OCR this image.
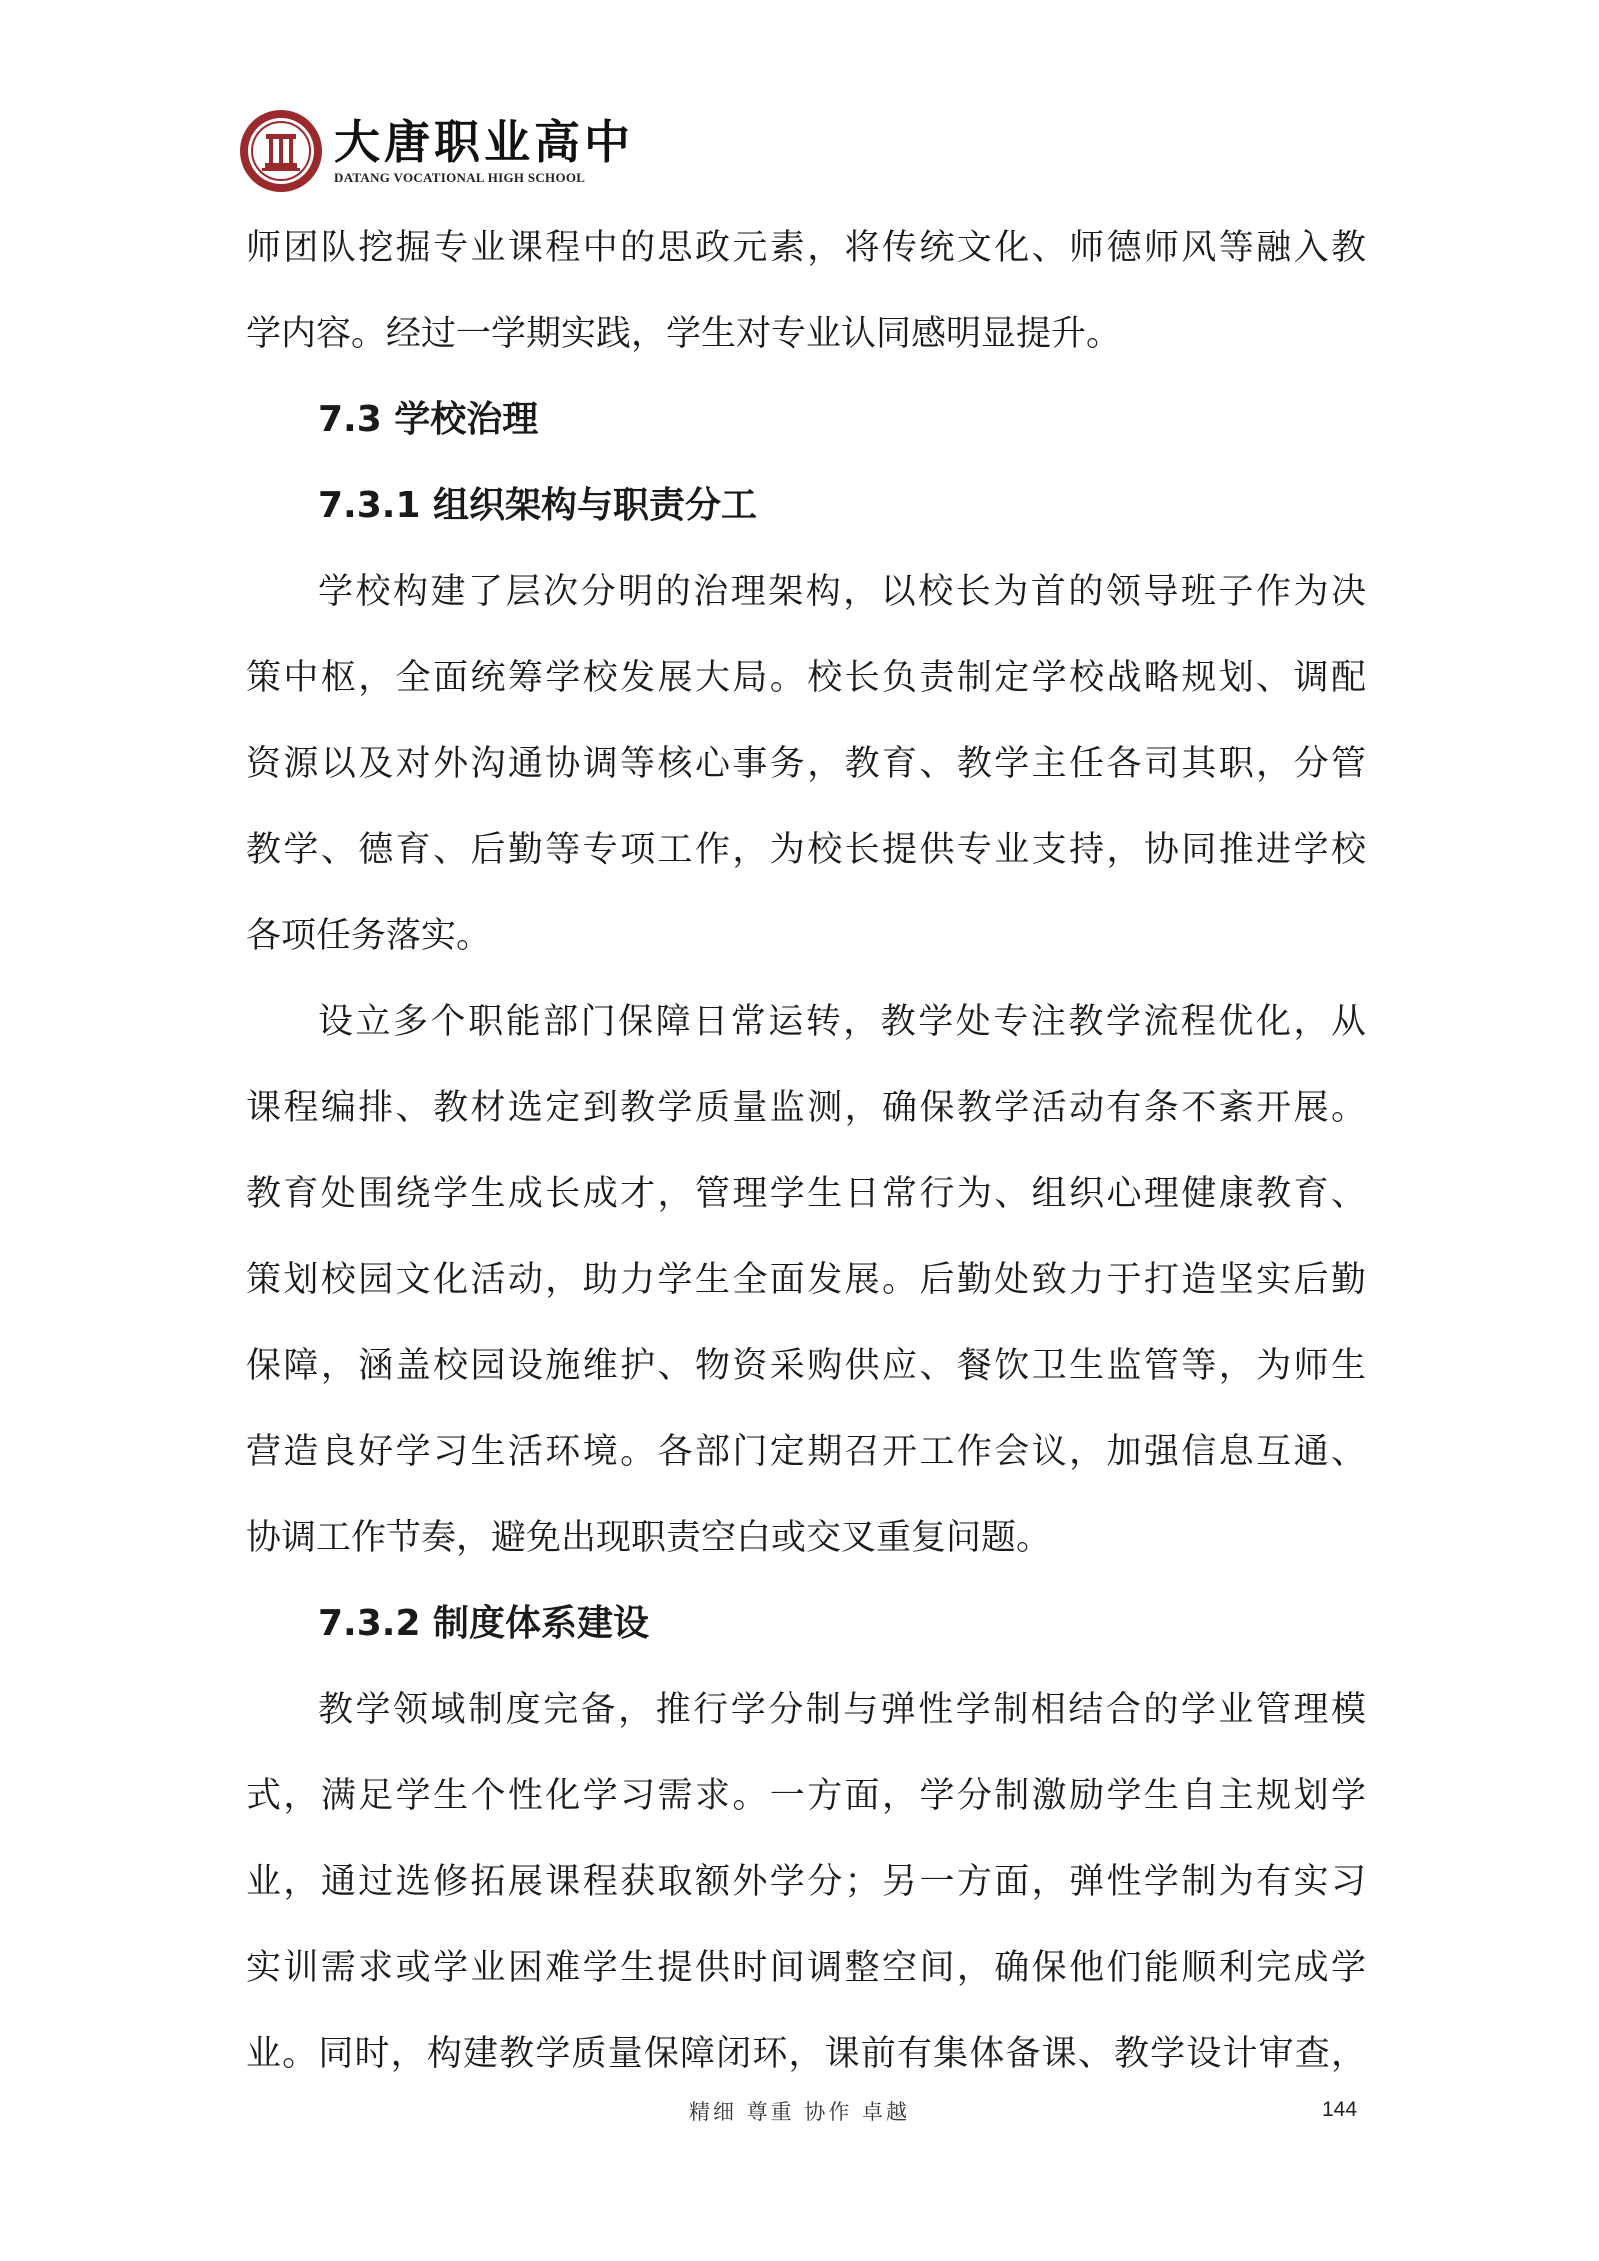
大唐职业高中
DATANG VOCATIONAL HIGH SCHOOL
师团队挖掘专业课程中的思政元素，将传统文化、师德师风等融入教
学内容。经过一学期实践，学生对专业认同感明显提升。
7.3 学校治理
7.3.1 组织架构与职责分工
学校构建了层次分明的治理架构，以校长为首的领导班子作为决
策中枢，全面统筹学校发展大局。校长负责制定学校战略规划、调配
资源以及对外沟通协调等核心事务，教育、教学主任各司其职，分管
教学、德育、后勤等专项工作，为校长提供专业支持，协同推进学校
各项任务落实。
设立多个职能部门保障日常运转，教学处专注教学流程优化，从
课程编排、教材选定到教学质量监测，确保教学活动有条不紊开展。
教育处围绕学生成长成才，管理学生日常行为、组织心理健康教育、
策划校园文化活动，助力学生全面发展。后勤处致力于打造坚实后勤
保障，涵盖校园设施维护、物资采购供应、餐饮卫生监管等，为师生
营造良好学习生活环境。各部门定期召开工作会议，加强信息互通、
协调工作节奏，避免出现职责空白或交叉重复问题。
7.3.2 制度体系建设
教学领域制度完备，推行学分制与弹性学制相结合的学业管理模
式，满足学生个性化学习需求。一方面，学分制激励学生自主规划学
业，通过选修拓展课程获取额外学分；另一方面，弹性学制为有实习
实训需求或学业困难学生提供时间调整空间，确保他们能顺利完成学
业。同时，构建教学质量保障闭环，课前有集体备课、教学设计审查，
精细 尊重 协作 卓越	144
